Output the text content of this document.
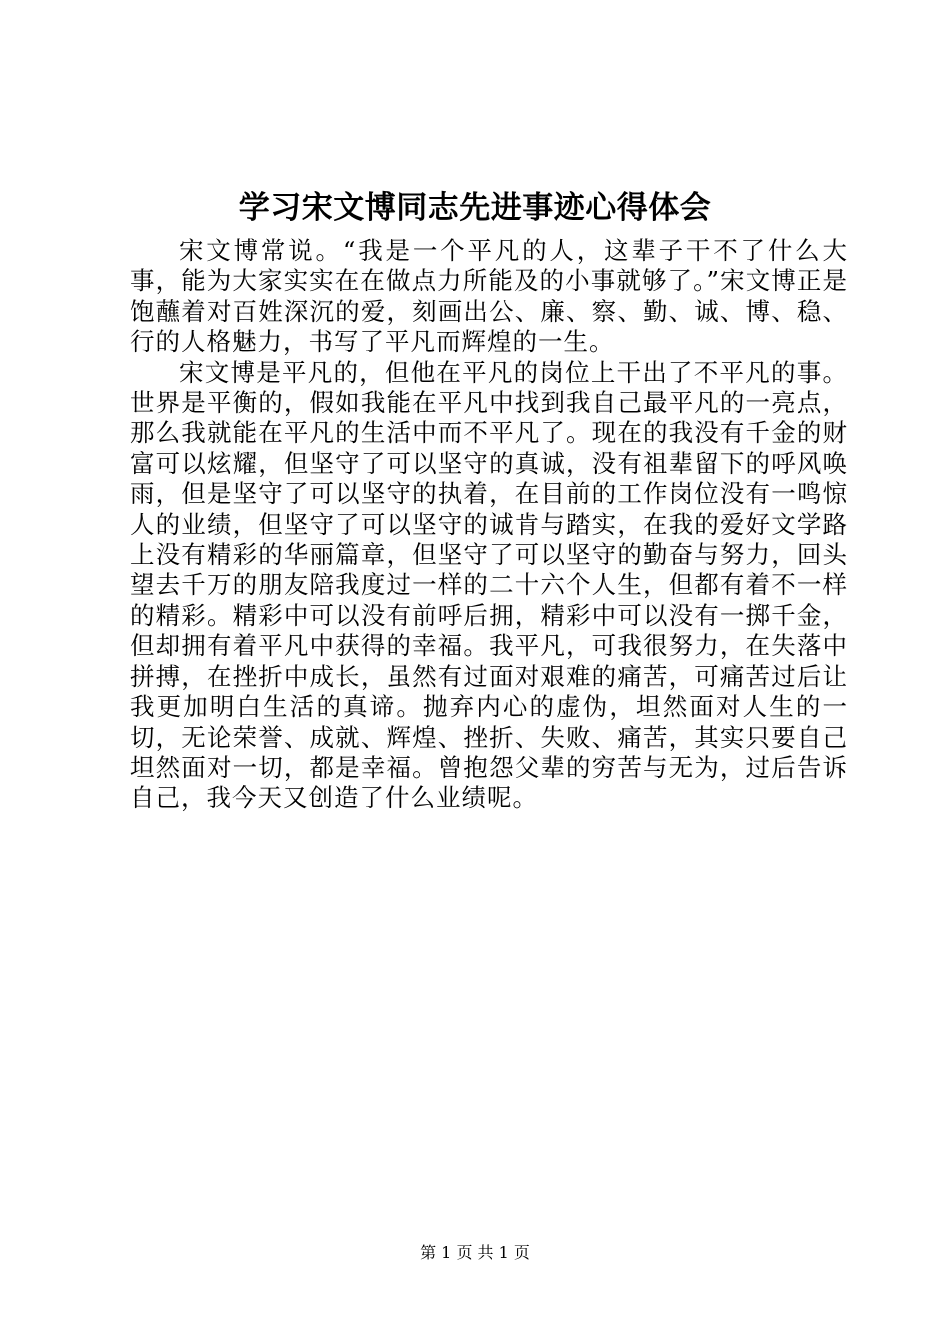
学习宋文博同志先进事迹心得体会

宋文博常说。“我是一个平凡的人，这辈子干不了什么大事，能为大家实实在在做点力所能及的小事就够了。”宋文博正是饱蘸着对百姓深沉的爱，刻画出公、廉、察、勤、诚、博、稳、行的人格魅力，书写了平凡而辉煌的一生。

宋文博是平凡的，但他在平凡的岗位上干出了不平凡的事。世界是平衡的，假如我能在平凡中找到我自己最平凡的一亮点，那么我就能在平凡的生活中而不平凡了。现在的我没有千金的财富可以炫耀，但坚守了可以坚守的真诚，没有祖辈留下的呼风唤雨，但是坚守了可以坚守的执着，在目前的工作岗位没有一鸣惊人的业绩，但坚守了可以坚守的诚肯与踏实，在我的爱好文学路上没有精彩的华丽篇章，但坚守了可以坚守的勤奋与努力，回头望去千万的朋友陪我度过一样的二十六个人生，但都有着不一样的精彩。精彩中可以没有前呼后拥，精彩中可以没有一掷千金，但却拥有着平凡中获得的幸福。我平凡，可我很努力，在失落中拼搏，在挫折中成长，虽然有过面对艰难的痛苦，可痛苦过后让我更加明白生活的真谛。抛弃内心的虚伪，坦然面对人生的一切，无论荣誉、成就、辉煌、挫折、失败、痛苦，其实只要自己坦然面对一切，都是幸福。曾抱怨父辈的穷苦与无为，过后告诉自己，我今天又创造了什么业绩呢。

第 1 页 共 1 页
